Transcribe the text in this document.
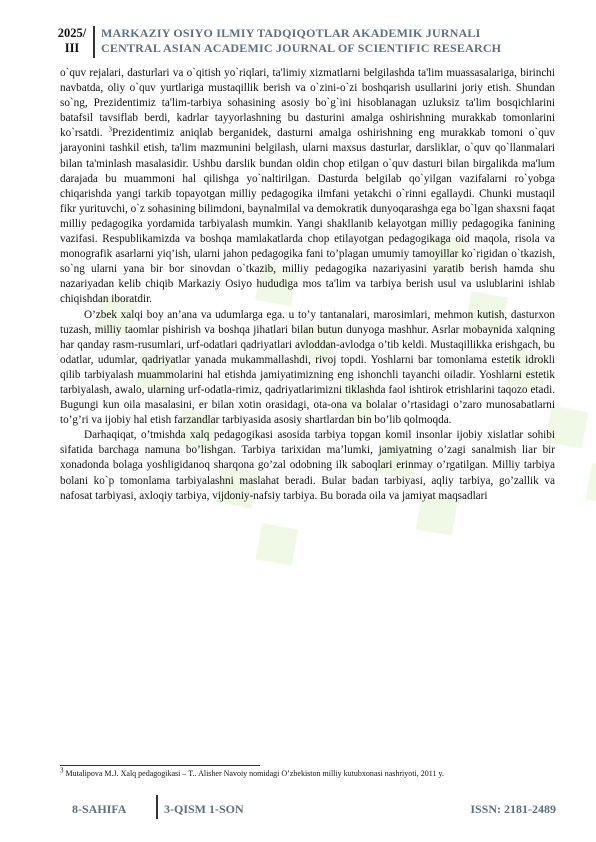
2025/ III
MARKAZIY OSIYO ILMIY TADQIQOTLAR AKADEMIK JURNALI
CENTRAL ASIAN ACADEMIC JOURNAL OF SCIENTIFIC RESEARCH

o`quv rejalari, dasturlari va o`qitish yo`riqlari, ta'limiy xizmatlarni belgilashda ta'lim muassasalariga, birinchi navbatda, oliy o`quv yurtlariga mustaqillik berish va o`zini-o`zi boshqarish usullarini joriy etish. Shundan so`ng, Prezidentimiz ta'lim-tarbiya sohasining asosiy bo`g`ini hisoblanagan uzluksiz ta'lim bosqichlarini batafsil tavsiflab berdi, kadrlar tayyorlashning bu dasturini amalga oshirishning murakkab tomonlarini ko`rsatdi. $^3$Prezidentimiz aniqlab berganidek, dasturni amalga oshirishning eng murakkab tomoni o`quv jarayonini tashkil etish, ta'lim mazmunini belgilash, ularni maxsus dasturlar, darsliklar, o`quv qo`llanmalari bilan ta'minlash masalasidir. Ushbu darslik bundan oldin chop etilgan o`quv dasturi bilan birgalikda ma'lum darajada bu muammoni hal qilishga yo`naltirilgan. Dasturda belgilab qo`yilgan vazifalarni ro`yobga chiqarishda yangi tarkib topayotgan milliy pedagogika ilmfani yetakchi o`rinni egallaydi. Chunki mustaqil fikr yurituvchi, o`z sohasining bilimdoni, baynalmilal va demokratik dunyoqarashga ega bo`lgan shaxsni faqat milliy pedagogika yordamida tarbiyalash mumkin. Yangi shakllanib kelayotgan milliy pedagogika fanining vazifasi. Respublikamizda va boshqa mamlakatlarda chop etilayotgan pedagogikaga oid maqola, risola va monografik asarlarni yiq’ish, ularni jahon pedagogika fani to’plagan umumiy tamoyillar ko`rigidan o`tkazish, so`ng ularni yana bir bor sinovdan o`tkazib, milliy pedagogika nazariyasini yaratib berish hamda shu nazariyadan kelib chiqib Markaziy Osiyo hududiga mos ta'lim va tarbiya berish usul va uslublarini ishlab chiqishdan iboratdir.

O’zbek xalqi boy an’ana va udumlarga ega. u to’y tantanalari, marosimlari, mehmon kutish, dasturxon tuzash, milliy taomlar pishirish va boshqa jihatlari bilan butun dunyoga mashhur. Asrlar mobaynida xalqning har qanday rasm-rusumlari, urf-odatlari qadriyatlari avloddan-avlodga o’tib keldi. Mustaqillikka erishgach, bu odatlar, udumlar, qadriyatlar yanada mukammallashdi, rivoj topdi. Yoshlarni bar tomonlama estetik idrokli qilib tarbiyalash muammolarini hal etishda jamiyatimizning eng ishonchli tayanchi oiladir. Yoshlarni estetik tarbiyalash, awalo, ularning urf-odatla-rimiz, qadriyatlarimizni tiklashda faol ishtirok etrishlarini taqozo etadi. Bugungi kun oila masalasini, er bilan xotin orasidagi, ota-ona va bolalar o’rtasidagi o’zaro munosabatlarni to’g’ri va ijobiy hal etish farzandlar tarbiyasida asosiy shartlardan bin bo’lib qolmoqda.

Darhaqiqat, o’tmishda xalq pedagogikasi asosida tarbiya topgan komil insonlar ijobiy xislatlar sohibi sifatida barchaga namuna bo’lishgan. Tarbiya tarixidan ma’lumki, jamiyatning o’zagi sanalmish liar bir xonadonda bolaga yoshligidanoq sharqona go’zal odobning ilk saboqlari erinmay o’rgatilgan. Milliy tarbiya bolani ko`p tomonlama tarbiyalashni maslahat beradi. Bular badan tarbiyasi, aqliy tarbiya, go’zallik va nafosat tarbiyasi, axloqiy tarbiya, vijdoniy-nafsiy tarbiya. Bu borada oila va jamiyat maqsadlari

$^3$ Mutalipova M.J. Xalq pedagogikasi – T.. Alisher Navoiy nomidagi O’zbekiston milliy kutubxonasi nashriyoti, 2011 y.
8-SAHIFA	3-QISM 1-SON	ISSN: 2181-2489
